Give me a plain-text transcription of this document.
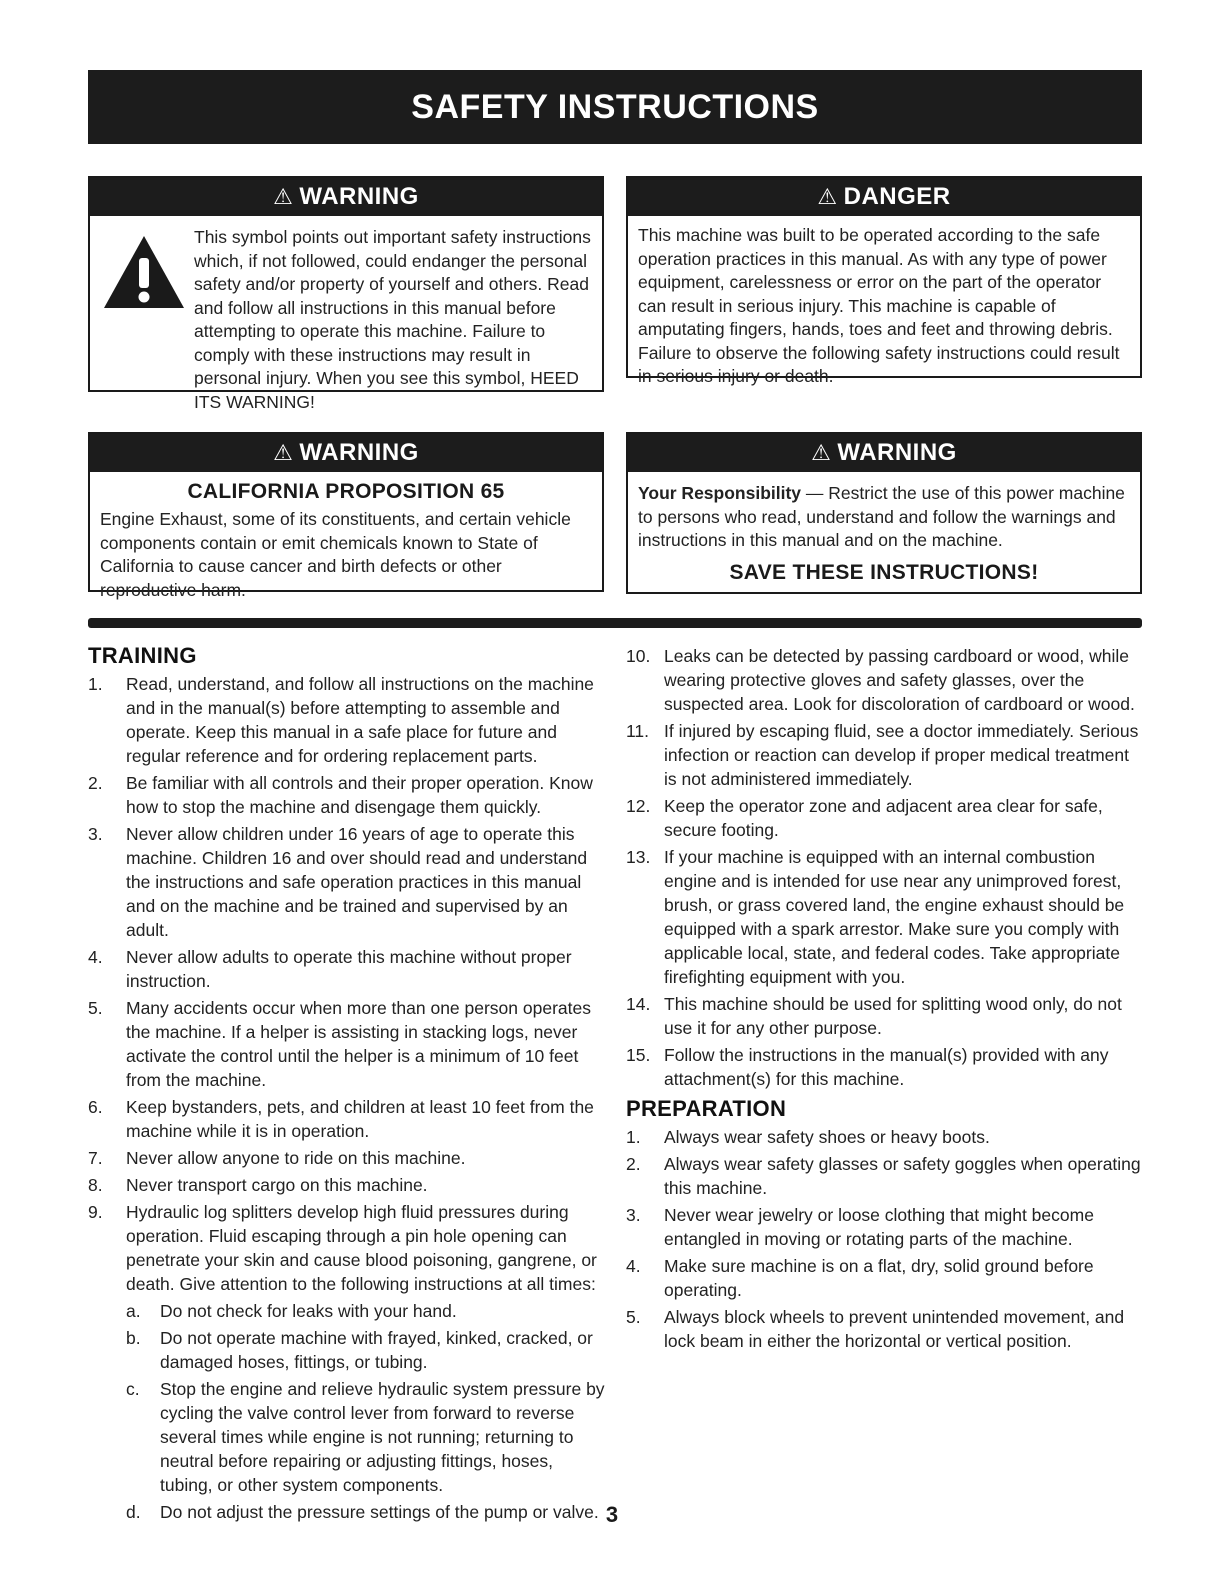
SAFETY INSTRUCTIONS
⚠ WARNING
This symbol points out important safety instructions which, if not followed, could endanger the personal safety and/or property of yourself and others. Read and follow all instructions in this manual before attempting to operate this machine. Failure to comply with these instructions may result in personal injury. When you see this symbol, HEED ITS WARNING!
⚠ DANGER
This machine was built to be operated according to the safe operation practices in this manual. As with any type of power equipment, carelessness or error on the part of the operator can result in serious injury. This machine is capable of amputating fingers, hands, toes and feet and throwing debris. Failure to observe the following safety instructions could result in serious injury or death.
⚠ WARNING
CALIFORNIA PROPOSITION 65
Engine Exhaust, some of its constituents, and certain vehicle components contain or emit chemicals known to State of California to cause cancer and birth defects or other reproductive harm.
⚠ WARNING
Your Responsibility — Restrict the use of this power machine to persons who read, understand and follow the warnings and instructions in this manual and on the machine.
SAVE THESE INSTRUCTIONS!
TRAINING
1.	Read, understand, and follow all instructions on the machine and in the manual(s) before attempting to assemble and operate. Keep this manual in a safe place for future and regular reference and for ordering replacement parts.
2.	Be familiar with all controls and their proper operation. Know how to stop the machine and disengage them quickly.
3.	Never allow children under 16 years of age to operate this machine. Children 16 and over should read and understand the instructions and safe operation practices in this manual and on the machine and be trained and supervised by an adult.
4.	Never allow adults to operate this machine without proper instruction.
5.	Many accidents occur when more than one person operates the machine. If a helper is assisting in stacking logs, never activate the control until the helper is a minimum of 10 feet from the machine.
6.	Keep bystanders, pets, and children at least 10 feet from the machine while it is in operation.
7.	Never allow anyone to ride on this machine.
8.	Never transport cargo on this machine.
9.	Hydraulic log splitters develop high fluid pressures during operation. Fluid escaping through a pin hole opening can penetrate your skin and cause blood poisoning, gangrene, or death. Give attention to the following instructions at all times:
a.	Do not check for leaks with your hand.
b.	Do not operate machine with frayed, kinked, cracked, or damaged hoses, fittings, or tubing.
c.	Stop the engine and relieve hydraulic system pressure by cycling the valve control lever from forward to reverse several times while engine is not running; returning to neutral before repairing or adjusting fittings, hoses, tubing, or other system components.
d.	Do not adjust the pressure settings of the pump or valve.
10. Leaks can be detected by passing cardboard or wood, while wearing protective gloves and safety glasses, over the suspected area. Look for discoloration of cardboard or wood.
11. If injured by escaping fluid, see a doctor immediately. Serious infection or reaction can develop if proper medical treatment is not administered immediately.
12. Keep the operator zone and adjacent area clear for safe, secure footing.
13. If your machine is equipped with an internal combustion engine and is intended for use near any unimproved forest, brush, or grass covered land, the engine exhaust should be equipped with a spark arrestor. Make sure you comply with applicable local, state, and federal codes. Take appropriate firefighting equipment with you.
14. This machine should be used for splitting wood only, do not use it for any other purpose.
15. Follow the instructions in the manual(s) provided with any attachment(s) for this machine.
PREPARATION
1.	Always wear safety shoes or heavy boots.
2.	Always wear safety glasses or safety goggles when operating this machine.
3.	Never wear jewelry or loose clothing that might become entangled in moving or rotating parts of the machine.
4.	Make sure machine is on a flat, dry, solid ground before operating.
5.	Always block wheels to prevent unintended movement, and lock beam in either the horizontal or vertical position.
3
